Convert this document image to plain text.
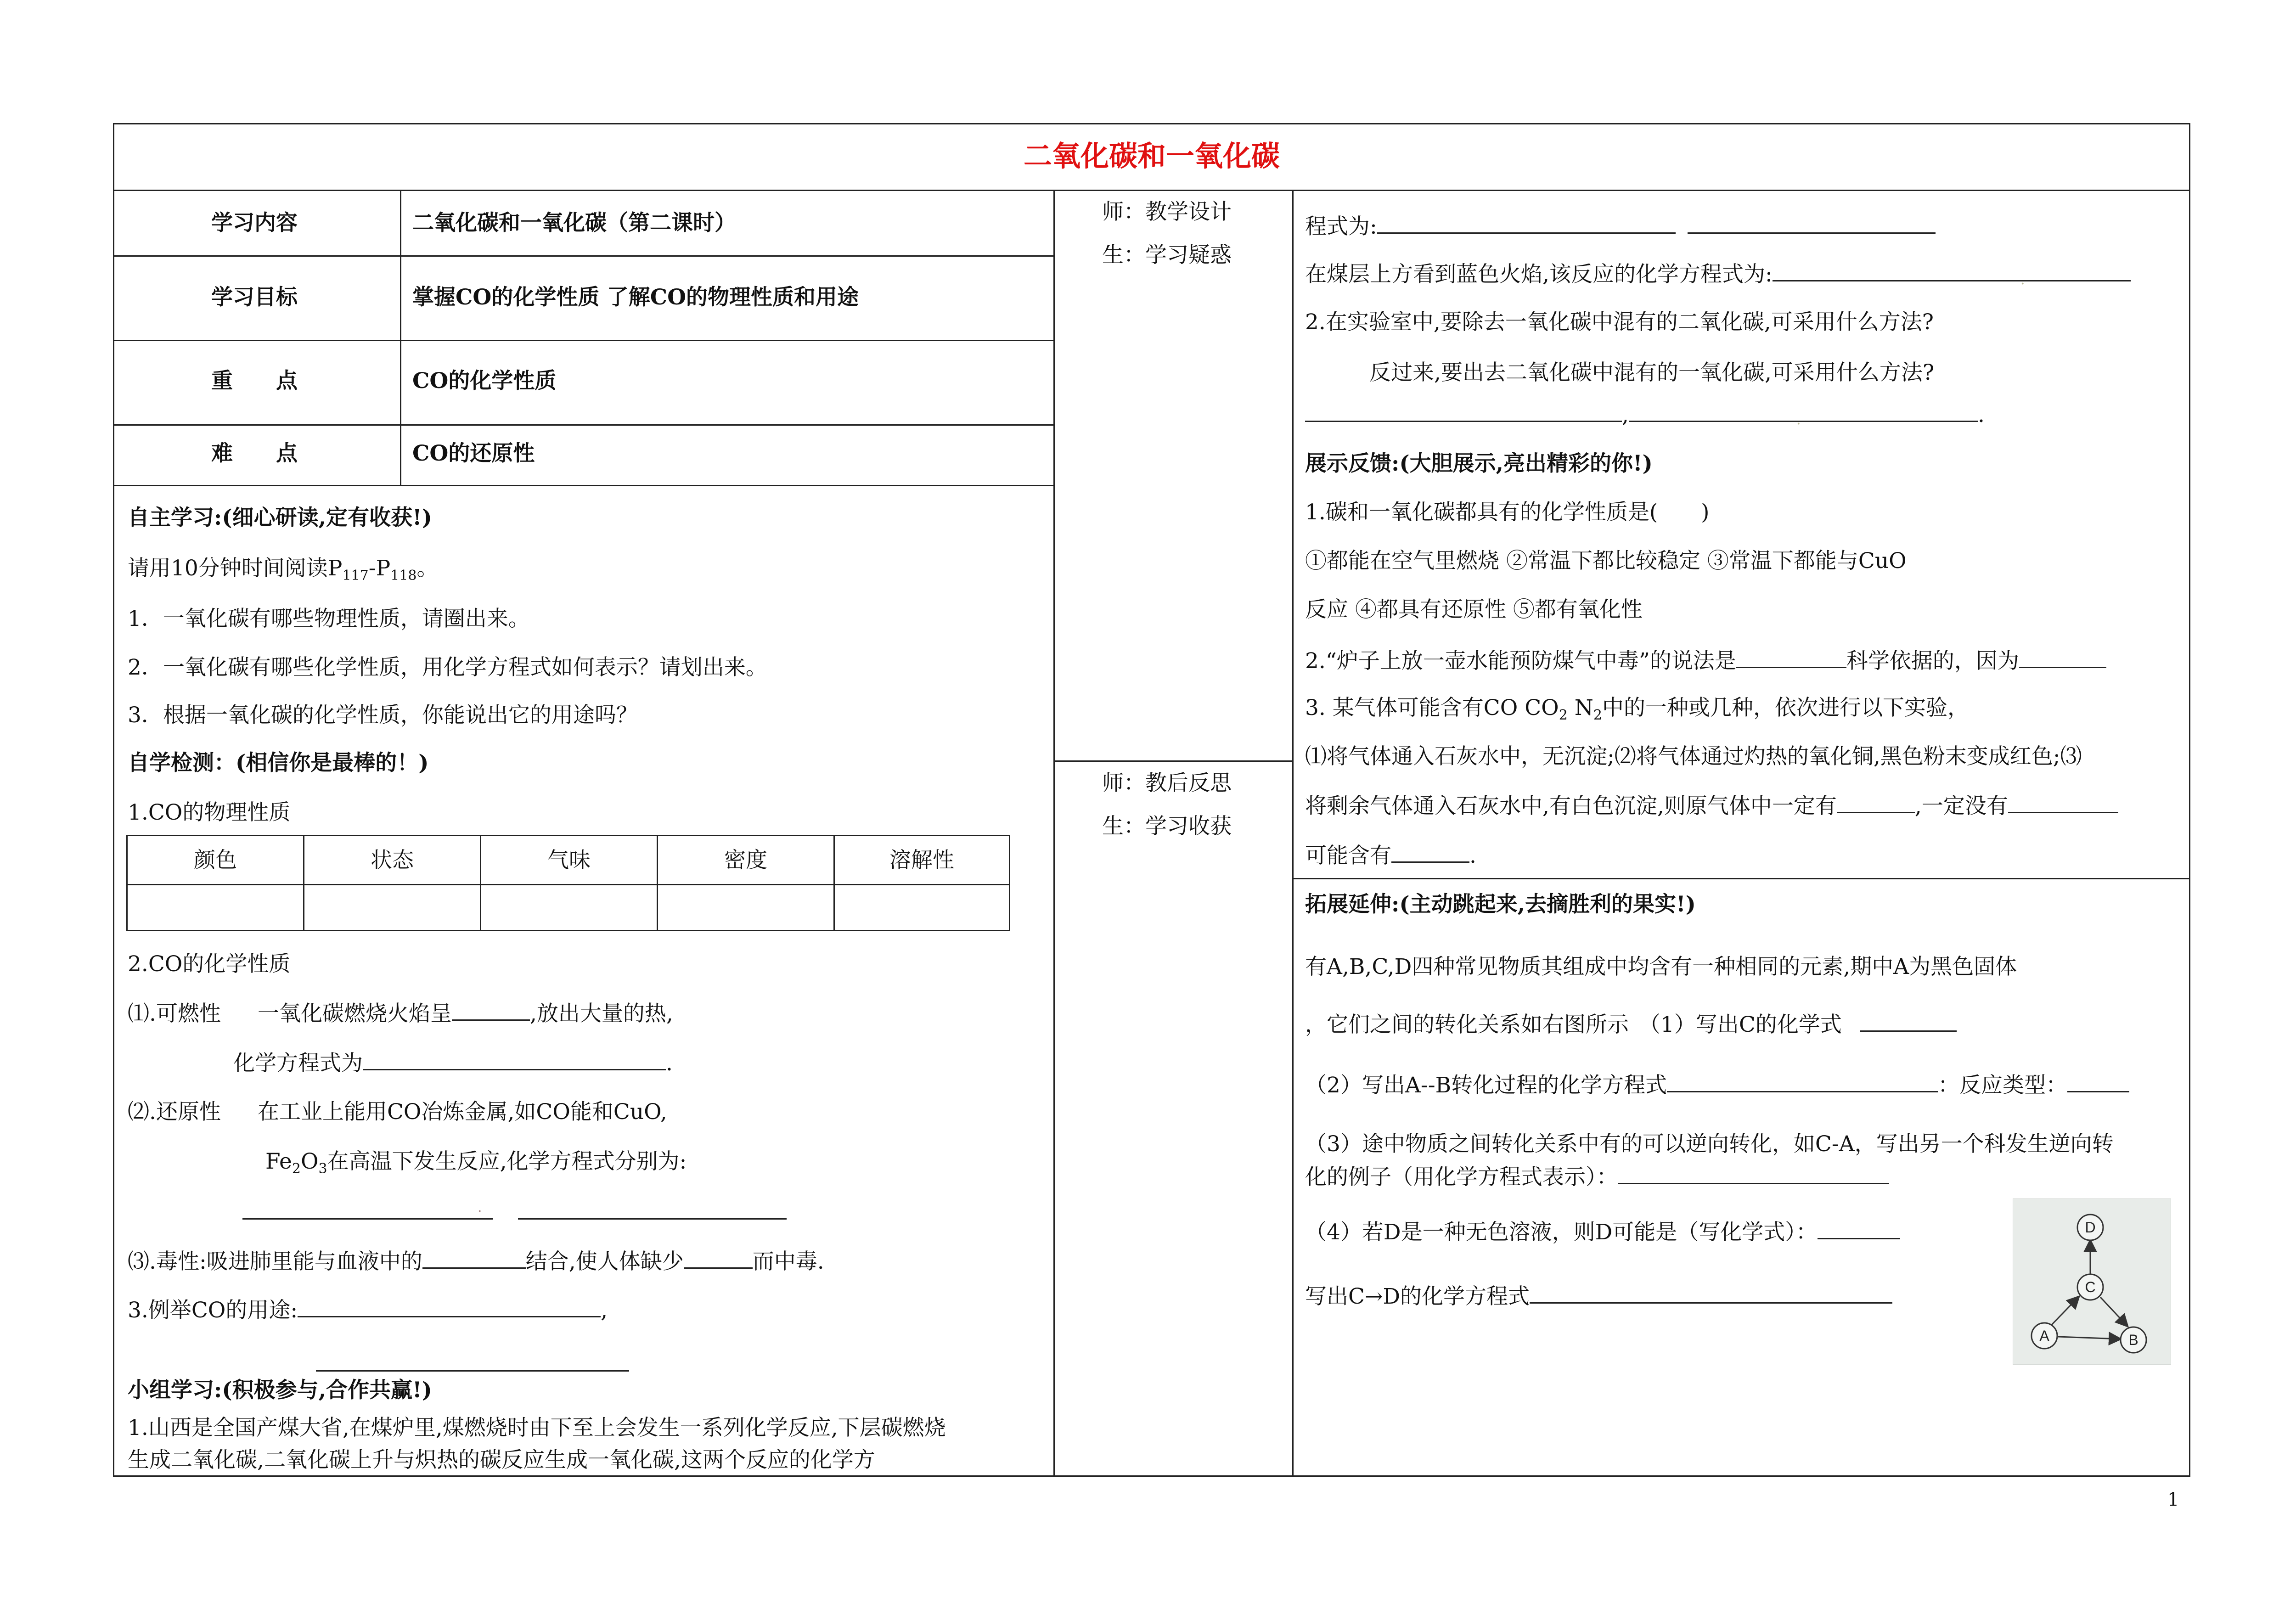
二氧化碳和一氧化碳
学习内容	二氧化碳和一氧化碳（第二课时）
学习目标	掌握CO的化学性质 了解CO的物理性质和用途
重　　点	CO的化学性质
难　　点	CO的还原性
自主学习:(细心研读,定有收获!)
请用10分钟时间阅读$P_{117}-P_{118}$。
1．一氧化碳有哪些物理性质，请圈出来。
2．一氧化碳有哪些化学性质，用化学方程式如何表示？请划出来。
3．根据一氧化碳的化学性质，你能说出它的用途吗？
自学检测：(相信你是最棒的！)
1.CO的物理性质
颜色	状态	气味	密度	溶解性
2.CO的化学性质
⑴.可燃性 一氧化碳燃烧火焰呈	,放出大量的热,
化学方程式为	.
⑵.还原性 在工业上能用CO冶炼金属,如CO能和CuO,
$Fe_2O_3$在高温下发生反应,化学方程式分别为:
.
⑶.毒性:吸进肺里能与血液中的	结合,使人体缺少	而中毒.
3.例举CO的用途:	,
小组学习:(积极参与,合作共赢!)
1.山西是全国产煤大省,在煤炉里,煤燃烧时由下至上会发生一系列化学反应,下层碳燃烧
生成二氧化碳,二氧化碳上升与炽热的碳反应生成一氧化碳,这两个反应的化学方
师：教学设计
生：学习疑惑
师：教后反思
生：学习收获
程式为:
在煤层上方看到蓝色火焰,该反应的化学方程式为:	.
2.在实验室中,要除去一氧化碳中混有的二氧化碳,可采用什么方法?
反过来,要出去二氧化碳中混有的一氧化碳,可采用什么方法?
,	.
.
展示反馈:(大胆展示,亮出精彩的你!)
1.碳和一氧化碳都具有的化学性质是(　　)
①都能在空气里燃烧 ②常温下都比较稳定 ③常温下都能与CuO
反应 ④都具有还原性 ⑤都有氧化性
2.“炉子上放一壶水能预防煤气中毒”的说法是	科学依据的，因为
3. 某气体可能含有CO $CO_2$ $N_2$中的一种或几种，依次进行以下实验，
⑴将气体通入石灰水中，无沉淀;⑵将气体通过灼热的氧化铜,黑色粉末变成红色;⑶
将剩余气体通入石灰水中,有白色沉淀,则原气体中一定有	,一定没有
可能含有	.
拓展延伸:(主动跳起来,去摘胜利的果实!)
有A,B,C,D四种常见物质其组成中均含有一种相同的元素,期中A为黑色固体
，它们之间的转化关系如右图所示 （1）写出C的化学式
（2）写出A--B转化过程的化学方程式	：反应类型：
（3）途中物质之间转化关系中有的可以逆向转化，如C-A，写出另一个科发生逆向转
化的例子（用化学方程式表示）：
（4）若D是一种无色溶液，则D可能是（写化学式）：
写出C→D的化学方程式
D
C
A	B
1
